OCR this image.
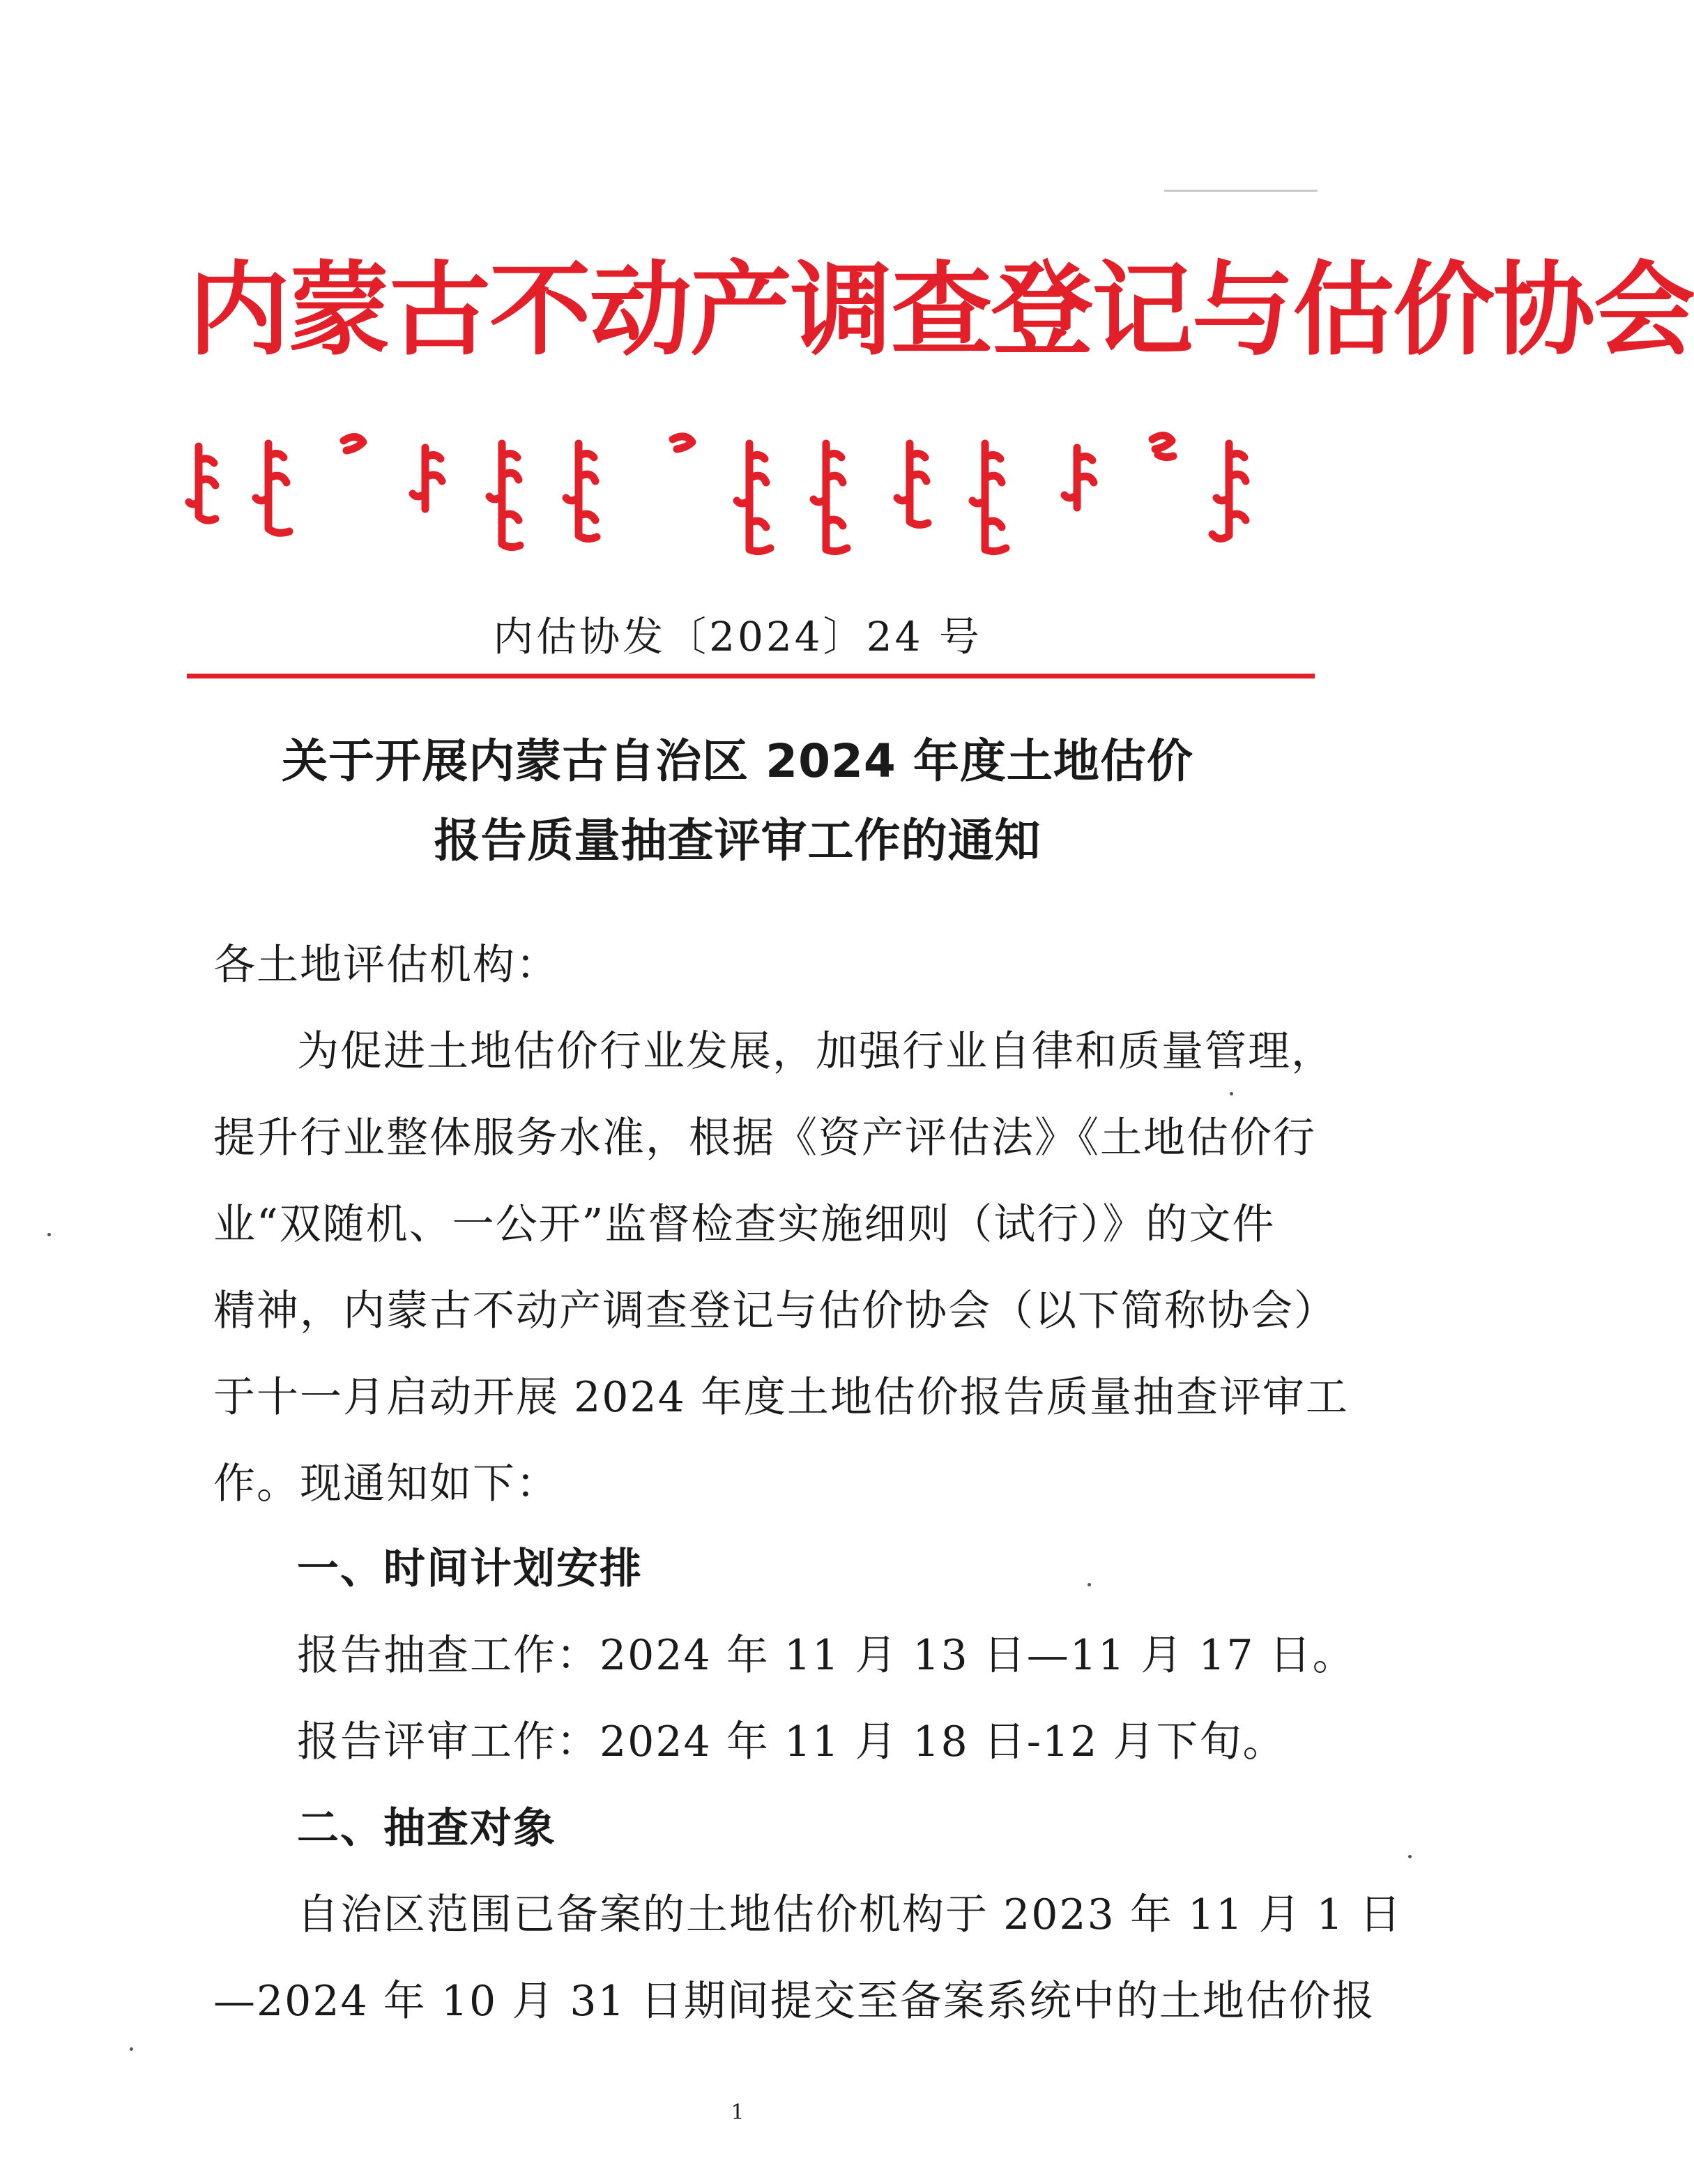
内蒙古不动产调查登记与估价协会
内估协发〔2024〕24 号
关于开展内蒙古自治区 2024 年度土地估价
报告质量抽查评审工作的通知
各土地评估机构：
为促进土地估价行业发展，加强行业自律和质量管理，
提升行业整体服务水准，根据《资产评估法》《土地估价行
业“双随机、一公开”监督检查实施细则（试行）》的文件
精神，内蒙古不动产调查登记与估价协会（以下简称协会）
于十一月启动开展 2024 年度土地估价报告质量抽查评审工
作。现通知如下：
一、时间计划安排
报告抽查工作：2024 年 11 月 13 日—11 月 17 日。
报告评审工作：2024 年 11 月 18 日-12 月下旬。
二、抽查对象
自治区范围已备案的土地估价机构于 2023 年 11 月 1 日
—2024 年 10 月 31 日期间提交至备案系统中的土地估价报
1
